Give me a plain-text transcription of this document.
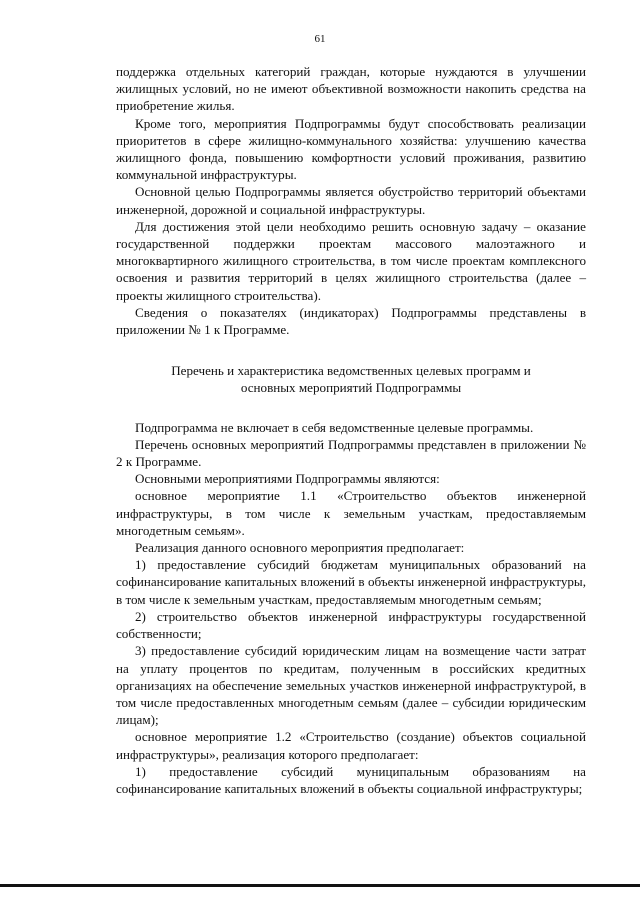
61

поддержка отдельных категорий граждан, которые нуждаются в улучшении жилищных условий, но не имеют объективной возможности накопить средства на приобретение жилья.

Кроме того, мероприятия Подпрограммы будут способствовать реализации приоритетов в сфере жилищно-коммунального хозяйства: улучшению качества жилищного фонда, повышению комфортности условий проживания, развитию коммунальной инфраструктуры.

Основной целью Подпрограммы является обустройство территорий объектами инженерной, дорожной и социальной инфраструктуры.

Для достижения этой цели необходимо решить основную задачу – оказание государственной поддержки проектам массового малоэтажного и многоквартирного жилищного строительства, в том числе проектам комплексного освоения и развития территорий в целях жилищного строительства (далее – проекты жилищного строительства).

Сведения о показателях (индикаторах) Подпрограммы представлены в приложении № 1 к Программе.

Перечень и характеристика ведомственных целевых программ и основных мероприятий Подпрограммы

Подпрограмма не включает в себя ведомственные целевые программы.

Перечень основных мероприятий Подпрограммы представлен в приложении № 2 к Программе.

Основными мероприятиями Подпрограммы являются:

основное мероприятие 1.1 «Строительство объектов инженерной инфраструктуры, в том числе к земельным участкам, предоставляемым многодетным семьям».

Реализация данного основного мероприятия предполагает:

1) предоставление субсидий бюджетам муниципальных образований на софинансирование капитальных вложений в объекты инженерной инфраструктуры, в том числе к земельным участкам, предоставляемым многодетным семьям;

2) строительство объектов инженерной инфраструктуры государственной собственности;

3) предоставление субсидий юридическим лицам на возмещение части затрат на уплату процентов по кредитам, полученным в российских кредитных организациях на обеспечение земельных участков инженерной инфраструктурой, в том числе предоставленных многодетным семьям (далее – субсидии юридическим лицам);

основное мероприятие 1.2 «Строительство (создание) объектов социальной инфраструктуры», реализация которого предполагает:

1) предоставление субсидий муниципальным образованиям на софинансирование капитальных вложений в объекты социальной инфраструктуры;
